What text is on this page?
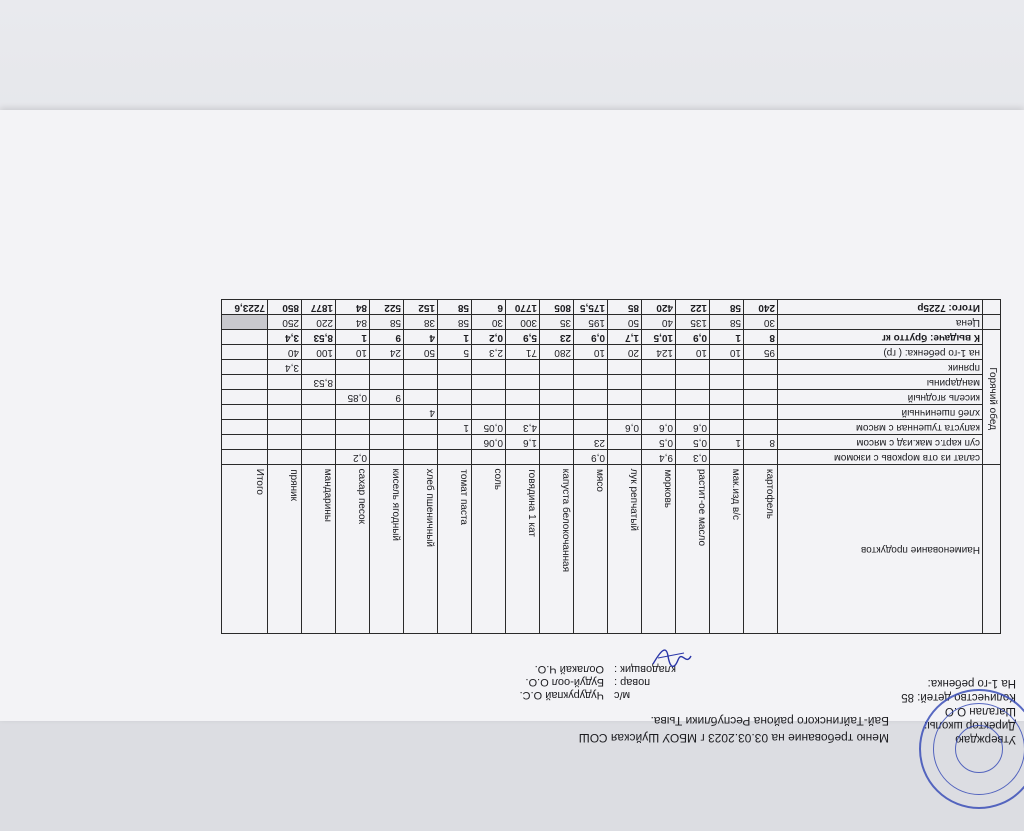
Утверждаю
Директор школы:
Шагалан О.О
Количество детей: 85
На 1-го ребенка:
Меню требование на 03.03.2023 г МБОУ Шуйская СОШ
Бай-Тайгинского района Республики Тыва.
м/с
Чудурукпай О.С.
повар :
Будуй-оол О.О.
кладовщик :
Оолакай Ч.О.
	Наименование продуктов	картофель	мак.изд в/с	растит-ое масло	морковь	лук репчатый	мясо	капуста белокочанная	говядина 1 кат	соль	томат паста	хлеб пшеничный	кисель ягодный	сахар песок	мандарины	пряник	Итого

Горячий обед	салат из отв морковь с изюмом			0,3	9,4		0,9							0,2			
	суп карт.с мак.изд с мясом	8	1	0,5	0,5		23		1,6	0,06							
	капуста тушенная с мясом			0,6	0,6	0,6			4,3	0,05	1						
	хлеб пшеничный											4					
	кисель ягодный												9	0,85			
	мандарины														8,53		
	пряник															3,4	
	на 1-го ребенка: ( гр)	95	10	10	124	20	10	280	71	2,3	5	50	24	10	100	40	
	К выдаче: брутто кг	8	1	0,9	10,5	1,7	0,9	23	5,9	0,2	1	4	9	1	8,53	3,4	
	Цена	30	58	135	40	50	195	35	300	30	58	38	58	84	220	250	
	Итого: 7225р	240	58	122	420	85	175,5	805	1770	6	58	152	522	84	1877	850	7223,6
